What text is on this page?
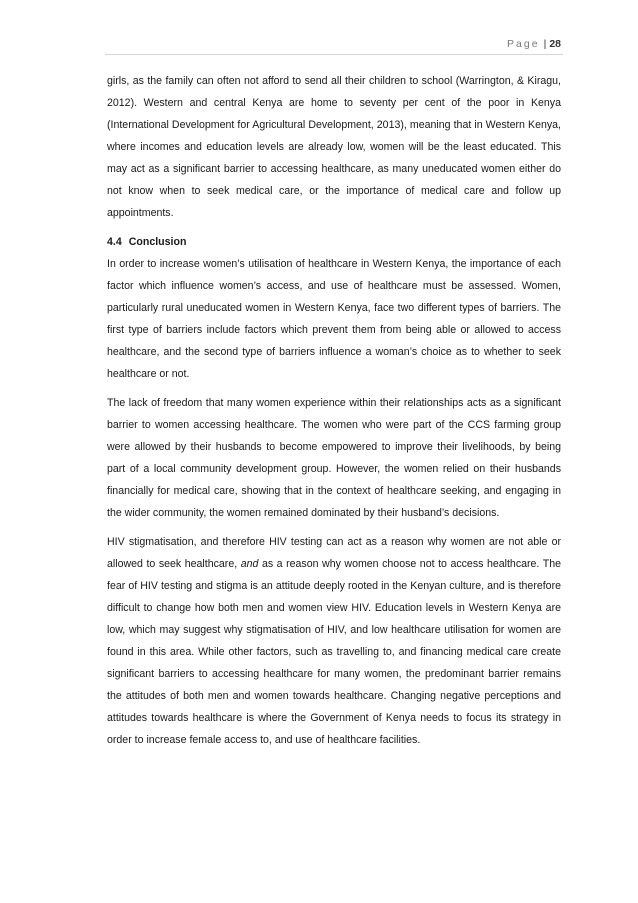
Page | 28

girls, as the family can often not afford to send all their children to school (Warrington, & Kiragu, 2012). Western and central Kenya are home to seventy per cent of the poor in Kenya (International Development for Agricultural Development, 2013), meaning that in Western Kenya, where incomes and education levels are already low, women will be the least educated. This may act as a significant barrier to accessing healthcare, as many uneducated women either do not know when to seek medical care, or the importance of medical care and follow up appointments.

4.4 Conclusion

In order to increase women’s utilisation of healthcare in Western Kenya, the importance of each factor which influence women’s access, and use of healthcare must be assessed. Women, particularly rural uneducated women in Western Kenya, face two different types of barriers. The first type of barriers include factors which prevent them from being able or allowed to access healthcare, and the second type of barriers influence a woman’s choice as to whether to seek healthcare or not.

The lack of freedom that many women experience within their relationships acts as a significant barrier to women accessing healthcare. The women who were part of the CCS farming group were allowed by their husbands to become empowered to improve their livelihoods, by being part of a local community development group. However, the women relied on their husbands financially for medical care, showing that in the context of healthcare seeking, and engaging in the wider community, the women remained dominated by their husband’s decisions.

HIV stigmatisation, and therefore HIV testing can act as a reason why women are not able or allowed to seek healthcare, and as a reason why women choose not to access healthcare. The fear of HIV testing and stigma is an attitude deeply rooted in the Kenyan culture, and is therefore difficult to change how both men and women view HIV. Education levels in Western Kenya are low, which may suggest why stigmatisation of HIV, and low healthcare utilisation for women are found in this area. While other factors, such as travelling to, and financing medical care create significant barriers to accessing healthcare for many women, the predominant barrier remains the attitudes of both men and women towards healthcare. Changing negative perceptions and attitudes towards healthcare is where the Government of Kenya needs to focus its strategy in order to increase female access to, and use of healthcare facilities.
